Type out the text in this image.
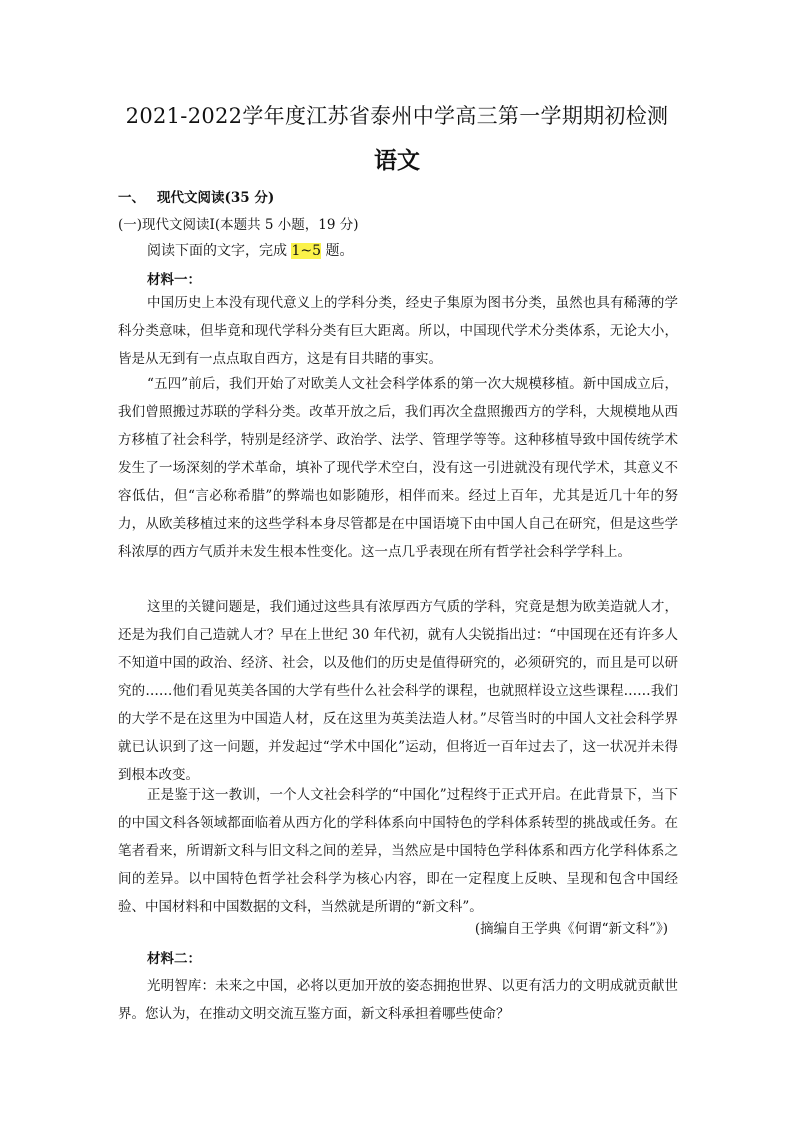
2021-2022学年度江苏省泰州中学高三第一学期期初检测
语文
一、 现代文阅读(35 分)
(一)现代文阅读Ⅰ(本题共 5 小题，19 分)
阅读下面的文字，完成 1~5 题。
材料一：

中国历史上本没有现代意义上的学科分类，经史子集原为图书分类，虽然也具有稀薄的学科分类意味，但毕竟和现代学科分类有巨大距离。所以，中国现代学术分类体系，无论大小，皆是从无到有一点点取自西方，这是有目共睹的事实。

“五四”前后，我们开始了对欧美人文社会科学体系的第一次大规模移植。新中国成立后，我们曾照搬过苏联的学科分类。改革开放之后，我们再次全盘照搬西方的学科，大规模地从西方移植了社会科学，特别是经济学、政治学、法学、管理学等等。这种移植导致中国传统学术发生了一场深刻的学术革命，填补了现代学术空白，没有这一引进就没有现代学术，其意义不容低估，但“言必称希腊”的弊端也如影随形，相伴而来。经过上百年，尤其是近几十年的努力，从欧美移植过来的这些学科本身尽管都是在中国语境下由中国人自己在研究，但是这些学科浓厚的西方气质并未发生根本性变化。这一点几乎表现在所有哲学社会科学学科上。

这里的关键问题是，我们通过这些具有浓厚西方气质的学科，究竟是想为欧美造就人才，还是为我们自己造就人才？早在上世纪 30 年代初，就有人尖锐指出过：“中国现在还有许多人不知道中国的政治、经济、社会，以及他们的历史是值得研究的，必须研究的，而且是可以研究的……他们看见英美各国的大学有些什么社会科学的课程，也就照样设立这些课程……我们的大学不是在这里为中国造人材，反在这里为英美法造人材。”尽管当时的中国人文社会科学界就已认识到了这一问题，并发起过“学术中国化”运动，但将近一百年过去了，这一状况并未得到根本改变。

正是鉴于这一教训，一个人文社会科学的“中国化”过程终于正式开启。在此背景下，当下的中国文科各领域都面临着从西方化的学科体系向中国特色的学科体系转型的挑战或任务。在笔者看来，所谓新文科与旧文科之间的差异，当然应是中国特色学科体系和西方化学科体系之间的差异。以中国特色哲学社会科学为核心内容，即在一定程度上反映、呈现和包含中国经验、中国材料和中国数据的文科，当然就是所谓的“新文科”。

(摘编自王学典《何谓“新文科”》)
材料二：

光明智库：未来之中国，必将以更加开放的姿态拥抱世界、以更有活力的文明成就贡献世界。您认为，在推动文明交流互鉴方面，新文科承担着哪些使命？
